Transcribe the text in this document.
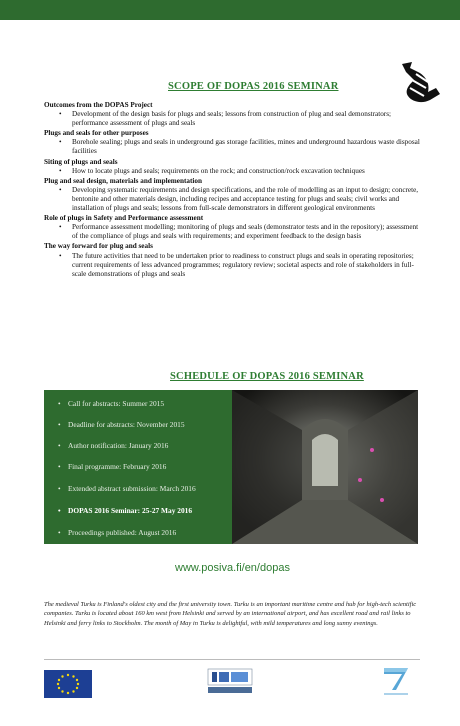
SCOPE OF DOPAS 2016 SEMINAR
Outcomes from the DOPAS Project
• Development of the design basis for plugs and seals; lessons from construction of plug and seal demonstrators; performance assessment of plugs and seals
Plugs and seals for other purposes
• Borehole sealing; plugs and seals in underground gas storage facilities, mines and underground hazardous waste disposal facilities
Siting of plugs and seals
• How to locate plugs and seals; requirements on the rock; and construction/rock excavation techniques
Plug and seal design, materials and implementation
• Developing systematic requirements and design specifications, and the role of modelling as an input to design; concrete, bentonite and other materials design, including recipes and acceptance testing for plugs and seals; civil works and installation of plugs and seals; lessons from full-scale demonstrators in different geological environments
Role of plugs in Safety and Performance assessment
• Performance assessment modelling; monitoring of plugs and seals (demonstrator tests and in the repository); assessment of the compliance of plugs and seals with requirements; and experiment feedback to the design basis
The way forward for plug and seals
• The future activities that need to be undertaken prior to readiness to construct plugs and seals in operating repositories; current requirements of less advanced programmes; regulatory review; societal aspects and role of stakeholders in full-scale demonstrations of plugs and seals
SCHEDULE OF DOPAS 2016 SEMINAR
• Call for abstracts: Summer 2015
• Deadline for abstracts: November 2015
• Author notification: January 2016
• Final programme: February 2016
• Extended abstract submission: March 2016
• DOPAS 2016 Seminar: 25-27 May 2016
• Proceedings published: August 2016
www.posiva.fi/en/dopas
The medieval Turku is Finland's oldest city and the first university town. Turku is an important maritime centre and hub for high-tech scientific companies. Turku is located about 160 km west from Helsinki and served by an international airport, and has excellent road and rail links to Helsinki and ferry links to Stockholm. The month of May in Turku is delightful, with mild temperatures and long sunny evenings.
